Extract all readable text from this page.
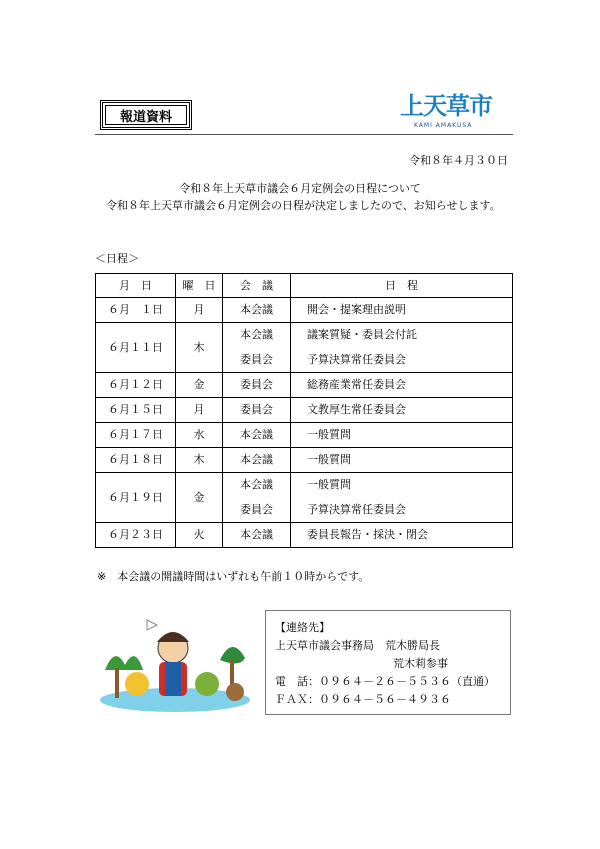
報道資料	上天草市
KAMI AMAKUSA
令和８年４月３０日
令和８年上天草市議会６月定例会の日程について
令和８年上天草市議会６月定例会の日程が決定しましたので、お知らせします。
＜日程＞
月　日	曜　日	会　議	日　程
６月　１日	月	本会議	開会・提案理由説明
６月１１日	木	本会議	議案質疑・委員会付託
		委員会	予算決算常任委員会
６月１２日	金	委員会	総務産業常任委員会
６月１５日	月	委員会	文教厚生常任委員会
６月１７日	水	本会議	一般質問
６月１８日	木	本会議	一般質問
６月１９日	金	本会議	一般質問
		委員会	予算決算常任委員会
６月２３日	火	本会議	委員長報告・採決・閉会
※　本会議の開議時間はいずれも午前１０時からです。
【連絡先】
上天草市議会事務局　荒木勝局長
荒木莉参事
電　話：０９６４－２６－５５３６（直通）
ＦＡＸ：０９６４－５６－４９３６
